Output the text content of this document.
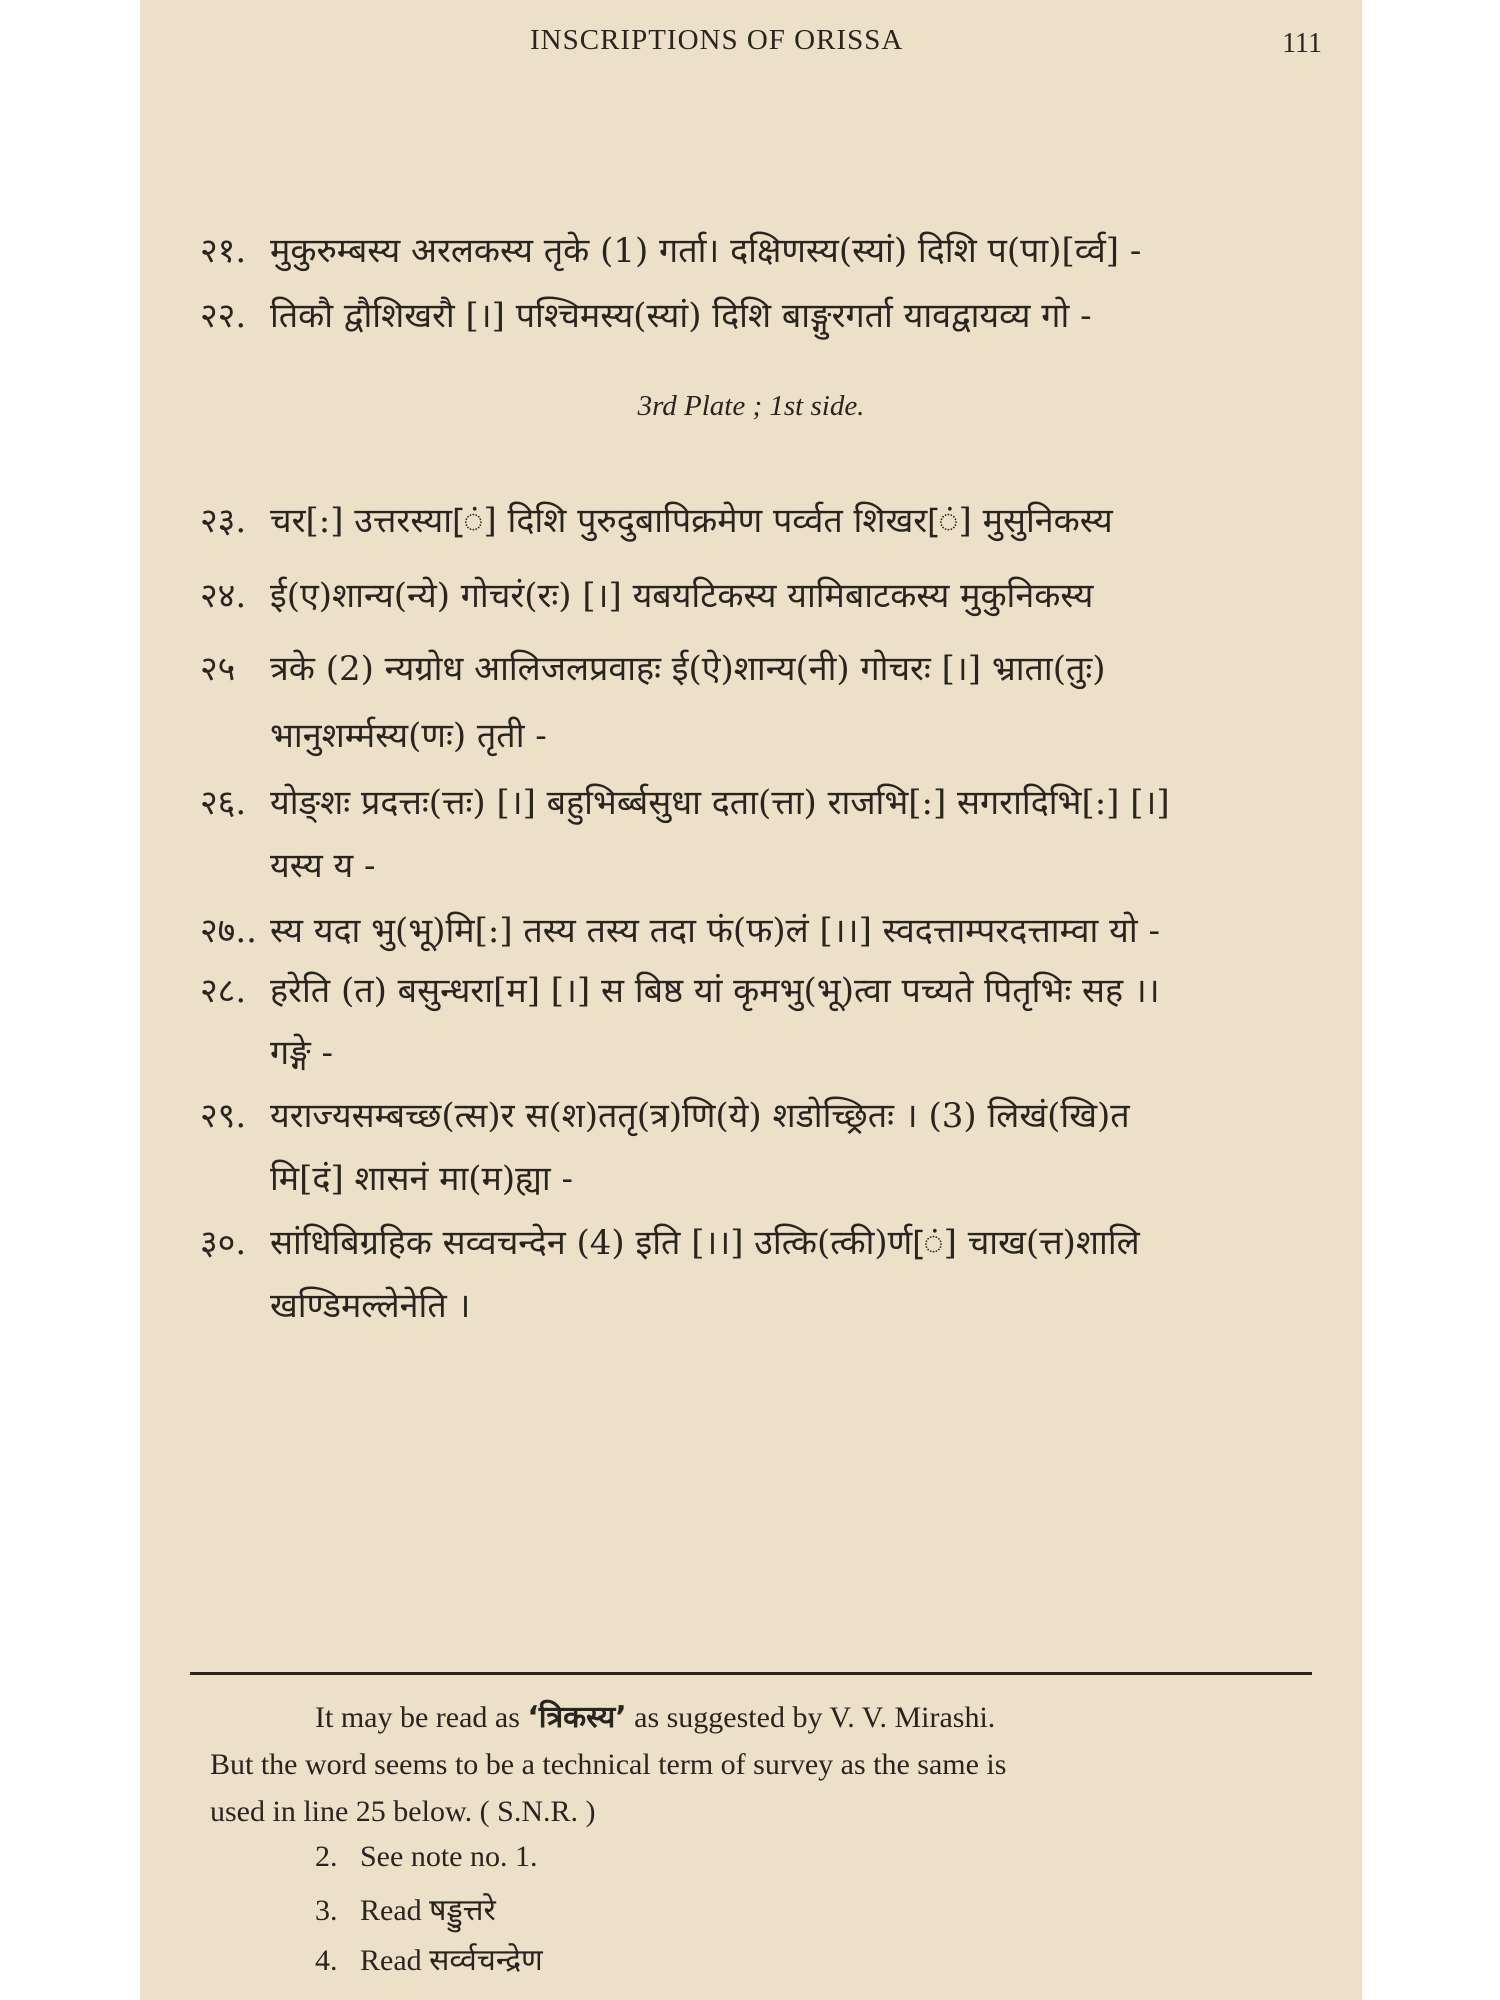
INSCRIPTIONS OF ORISSA	111
२१. मुकुरुम्बस्य अरलकस्य तृके (1) गर्ता। दक्षिणस्य(स्यां) दिशि प(पा)[र्व्व] -
२२. तिकौ द्वौशिखरौ [।] पश्चिमस्य(स्यां) दिशि बाङ्गुरगर्ता यावद्वायव्य गो -
3rd Plate ; 1st side.
२३. चर[:] उत्तरस्या[ं] दिशि पुरुदुबापिक्रमेण पर्व्वत शिखर[ं] मुसुनिकस्य
२४. ई(ए)शान्य(न्ये) गोचरं(रः) [।] यबयटिकस्य यामिबाटकस्य मुकुनिकस्य
२५ त्रके (2) न्यग्रोध आलिजलप्रवाहः ई(ऐ)शान्य(नी) गोचरः [।] भ्राता(तुः)
भानुशर्म्मस्य(णः) तृती -
२६. योङ्शः प्रदत्तः(त्तः) [।] बहुभिर्ब्बसुधा दता(त्ता) राजभि[:] सगरादिभि[:] [।]
यस्य य -
२७.. स्य यदा भु(भू)मि[:] तस्य तस्य तदा फं(फ)लं [।।] स्वदत्ताम्परदत्ताम्वा यो -
२८. हरेति (त) बसुन्धरा[म] [।] स बिष्ठ यां कृमभु(भू)त्वा पच्यते पितृभिः सह ।।
गङ्गे -
२९. यराज्यसम्बच्छ(त्स)र स(श)ततृ(त्र)णि(ये) शडोच्छ्रितः । (3) लिखं(खि)त
मि[दं] शासनं मा(म)ह्या -
३०. सांधिबिग्रहिक सव्वचन्देन (4) इति [।।] उत्कि(त्की)र्ण[ं] चाख(त्त)शालि
खण्डिमल्लेनेति ।
It may be read as ‘त्रिकस्य’ as suggested by V. V. Mirashi.
But the word seems to be a technical term of survey as the same is
used in line 25 below. ( S.N.R. )
2. See note no. 1.
3. Read षड्डुत्तरे
4. Read सर्व्वचन्द्रेण
